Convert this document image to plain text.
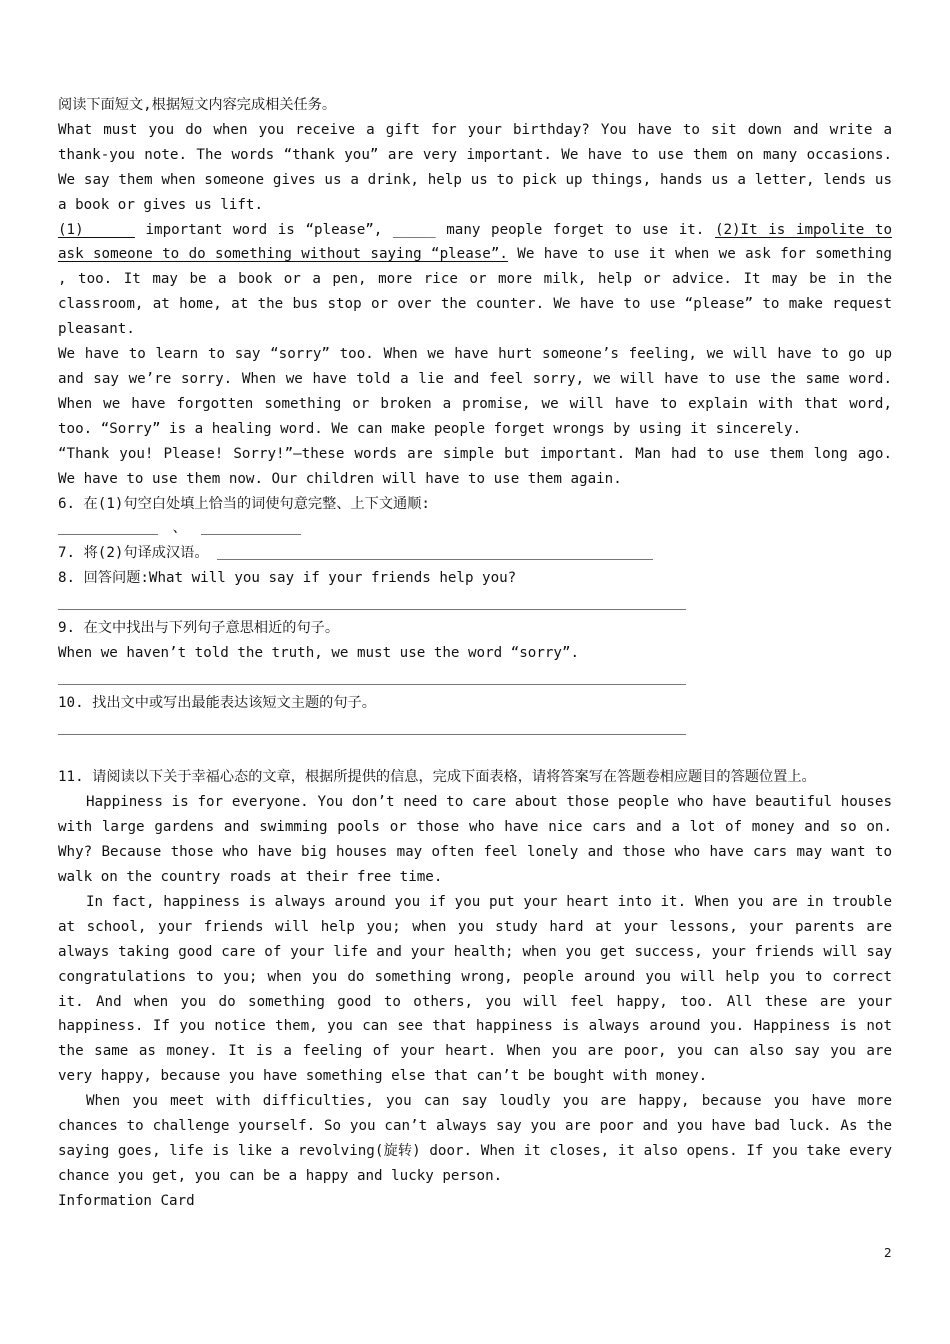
阅读下面短文,根据短文内容完成相关任务。

What must you do when you receive a gift for your birthday? You have to sit down and write a thank-you note. The words “thank you” are very important. We have to use them on many occasions. We say them when someone gives us a drink, help us to pick up things, hands us a letter, lends us a book or gives us lift.

(1)______ important word is “please”, _____ many people forget to use it. (2)It is impolite to ask someone to do something without saying “please”. We have to use it when we ask for something , too. It may be a book or a pen, more rice or more milk, help or advice. It may be in the classroom, at home, at the bus stop or over the counter. We have to use “please” to make request pleasant.

We have to learn to say “sorry” too. When we have hurt someone’s feeling, we will have to go up and say we’re sorry. When we have told a lie and feel sorry, we will have to use the same word. When we have forgotten something or broken a promise, we will have to explain with that word, too. “Sorry” is a healing word. We can make people forget wrongs by using it sincerely.

“Thank you! Please! Sorry!”—these words are simple but important. Man had to use them long ago. We have to use them now. Our children will have to use them again.

6. 在(1)句空白处填上恰当的词使句意完整、上下文通顺:

、
7. 将(2)句译成汉语。

8. 回答问题:What will you say if your friends help you?

9. 在文中找出与下列句子意思相近的句子。

When we haven’t told the truth, we must use the word “sorry”.

10. 找出文中或写出最能表达该短文主题的句子。

11. 请阅读以下关于幸福心态的文章，根据所提供的信息，完成下面表格，请将答案写在答题卷相应题目的答题位置上。

Happiness is for everyone. You don’t need to care about those people who have beautiful houses with large gardens and swimming pools or those who have nice cars and a lot of money and so on. Why? Because those who have big houses may often feel lonely and those who have cars may want to walk on the country roads at their free time.

In fact, happiness is always around you if you put your heart into it. When you are in trouble at school, your friends will help you; when you study hard at your lessons, your parents are always taking good care of your life and your health; when you get success, your friends will say congratulations to you; when you do something wrong, people around you will help you to correct it. And when you do something good to others, you will feel happy, too. All these are your happiness. If you notice them, you can see that happiness is always around you. Happiness is not the same as money. It is a feeling of your heart. When you are poor, you can also say you are very happy, because you have something else that can’t be bought with money.

When you meet with difficulties, you can say loudly you are happy, because you have more chances to challenge yourself. So you can’t always say you are poor and you have bad luck. As the saying goes, life is like a revolving(旋转) door. When it closes, it also opens. If you take every chance you get, you can be a happy and lucky person.

Information Card

2
